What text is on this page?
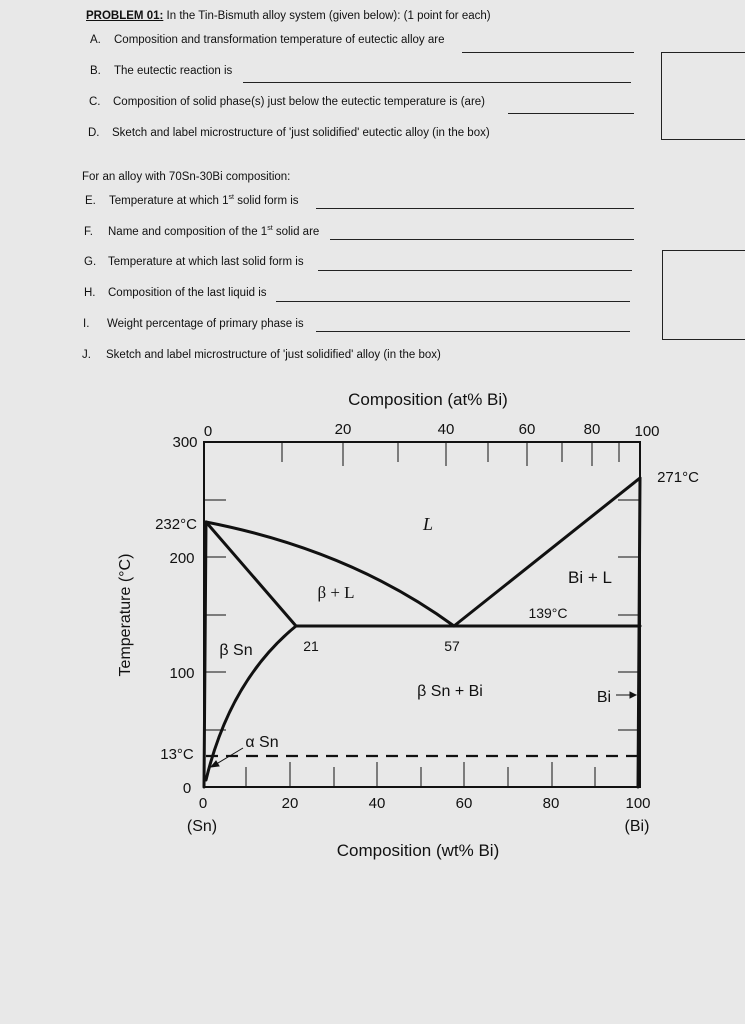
PROBLEM 01: In the Tin-Bismuth alloy system (given below): (1 point for each)
A. Composition and transformation temperature of eutectic alloy are
B. The eutectic reaction is
C. Composition of solid phase(s) just below the eutectic temperature is (are)
D. Sketch and label microstructure of 'just solidified' eutectic alloy (in the box)
For an alloy with 70Sn-30Bi composition:
E. Temperature at which 1st solid form is
F. Name and composition of the 1st solid are
G. Temperature at which last solid form is
H. Composition of the last liquid is
I. Weight percentage of primary phase is
J. Sketch and label microstructure of 'just solidified' alloy (in the box)
Composition (at% Bi)
0	20	40	60	80 100
300
200
100
0
232°C
13°C
Temperature (°C)
0	20	40	60	80	100
(Sn)	(Bi)
Composition (wt% Bi)
271°C
139°C
21	57
L
β + L
Bi + L
β Sn
β Sn + Bi	Bi
α Sn
